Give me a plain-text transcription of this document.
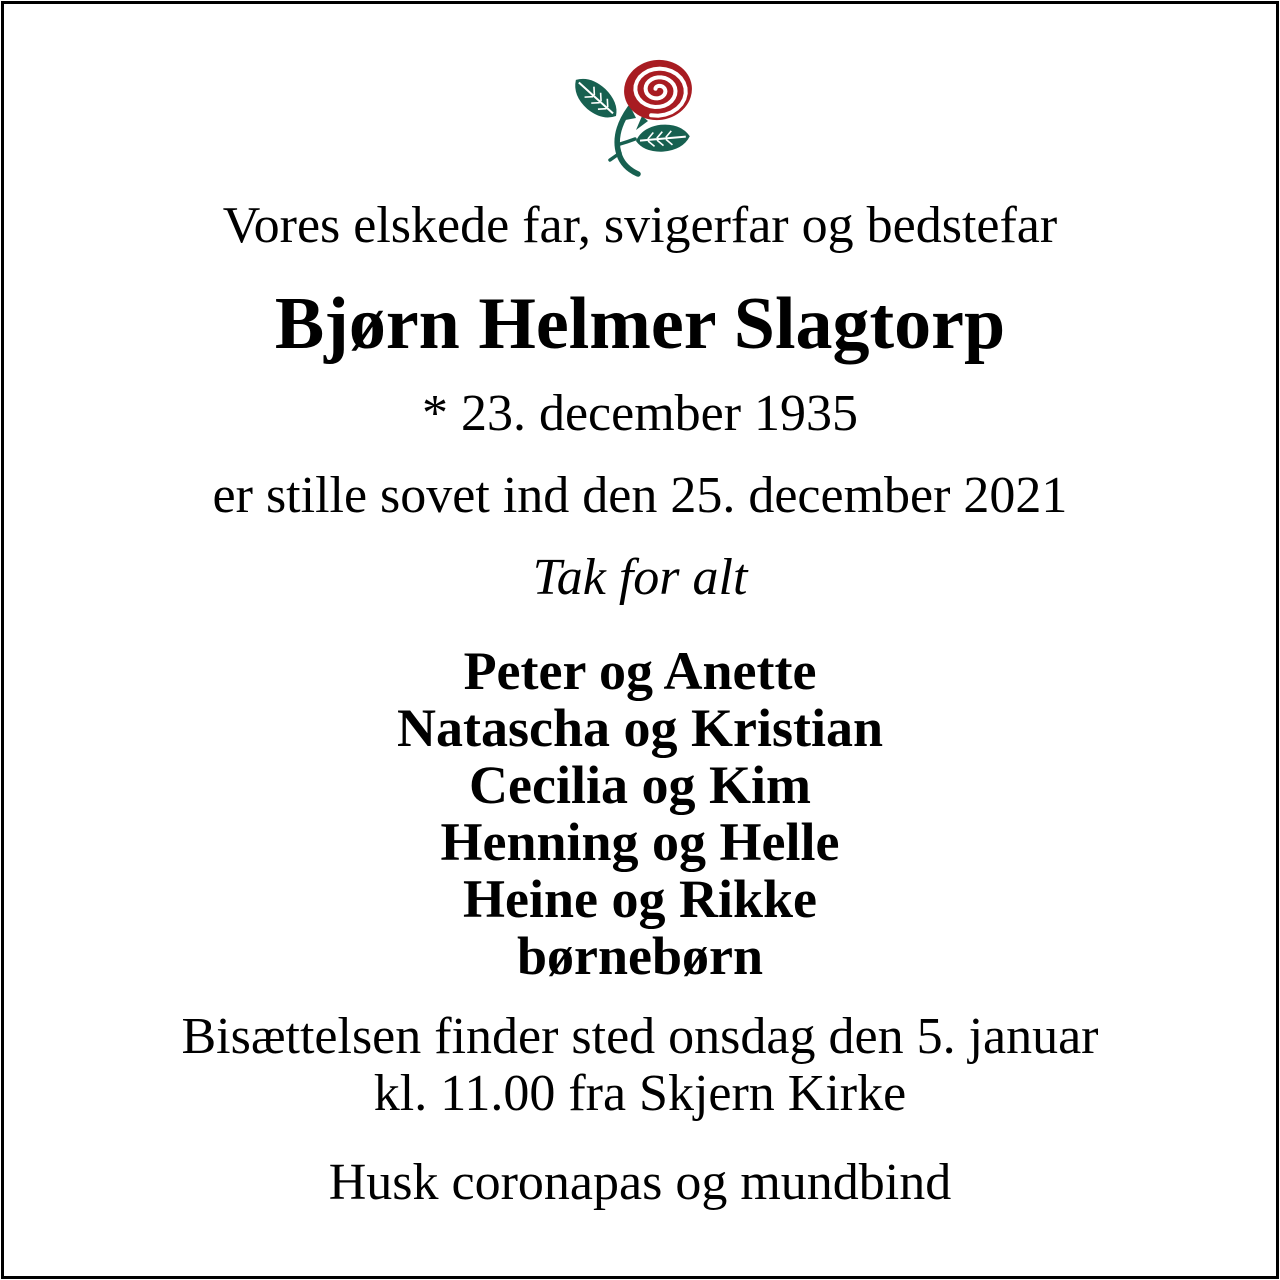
Vores elskede far, svigerfar og bedstefar
Bjørn Helmer Slagtorp
* 23. december 1935
er stille sovet ind den 25. december 2021
Tak for alt
Peter og Anette
Natascha og Kristian
Cecilia og Kim
Henning og Helle
Heine og Rikke
børnebørn
Bisættelsen finder sted onsdag den 5. januar
kl. 11.00 fra Skjern Kirke
Husk coronapas og mundbind
